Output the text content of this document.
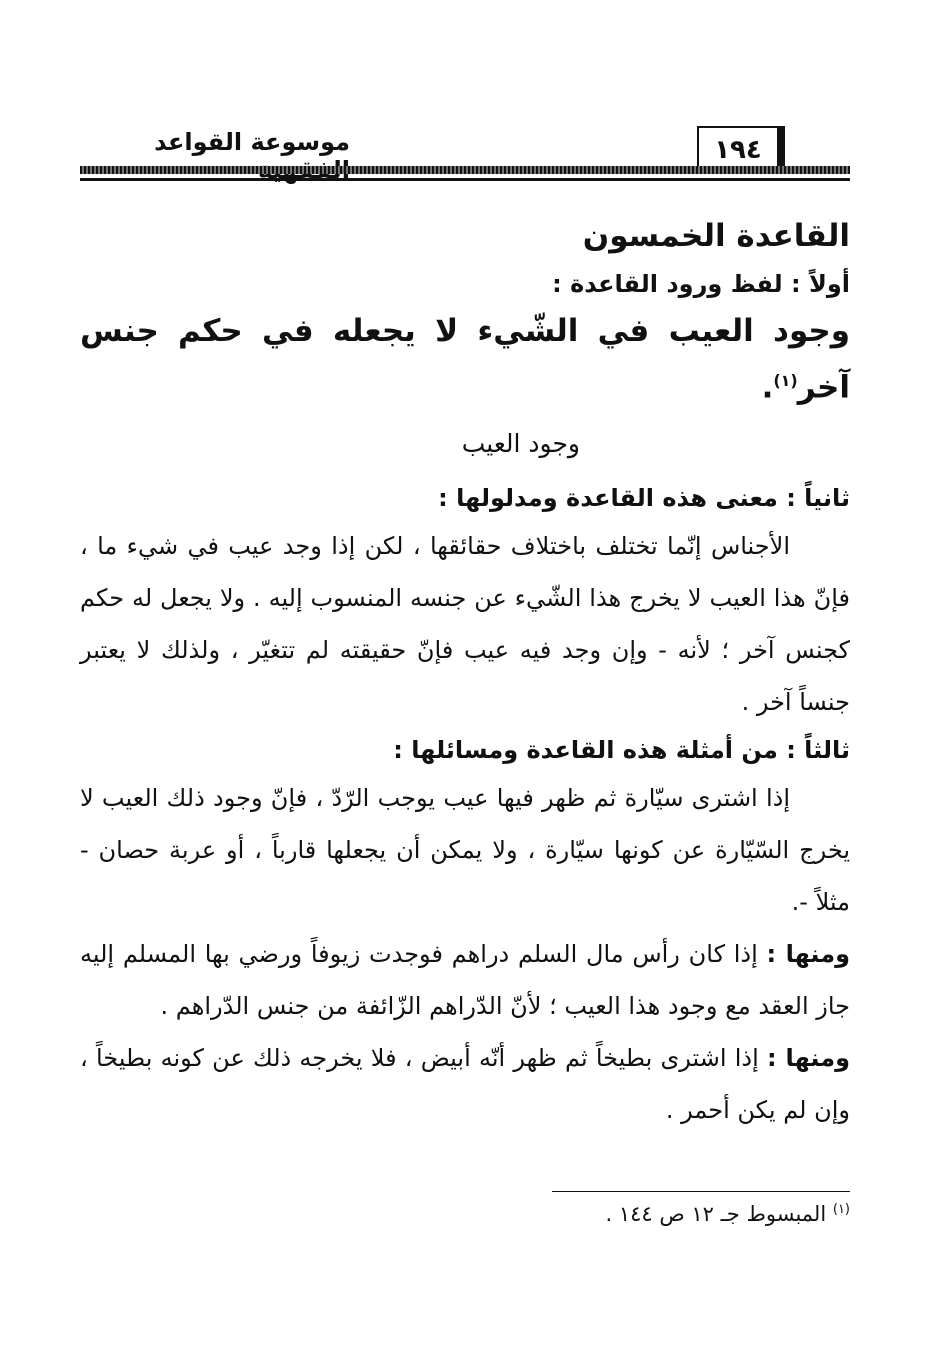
موسوعة القواعد	١٩٤
القاعدة الخمسون

أولاً : لفظ ورود القاعدة :

وجود العيب في الشّيء لا يجعله في حكم جنس آخر$^{(١)}$.

وجود العيب

ثانياً : معنى هذه القاعدة ومدلولها :

الأجناس إنّما تختلف باختلاف حقائقها ، لكن إذا وجد عيب في شيء ما ، فإنّ هذا العيب لا يخرج هذا الشّيء عن جنسه المنسوب إليه . ولا يجعل له حكم كجنس آخر ؛ لأنه - وإن وجد فيه عيب فإنّ حقيقته لم تتغيّر ، ولذلك لا يعتبر جنساً آخر .

ثالثاً : من أمثلة هذه القاعدة ومسائلها :

إذا اشترى سيّارة ثم ظهر فيها عيب يوجب الرّدّ ، فإنّ وجود ذلك العيب لا يخرج السّيّارة عن كونها سيّارة ، ولا يمكن أن يجعلها قارباً ، أو عربة حصان - مثلاً -.

ومنها : إذا كان رأس مال السلم دراهم فوجدت زيوفاً ورضي بها المسلم إليه جاز العقد مع وجود هذا العيب ؛ لأنّ الدّراهم الزّائفة من جنس الدّراهم .

ومنها : إذا اشترى بطيخاً ثم ظهر أنّه أبيض ، فلا يخرجه ذلك عن كونه بطيخاً ، وإن لم يكن أحمر .

$^{(١)}$ المبسوط جـ ١٢ ص ١٤٤ .
